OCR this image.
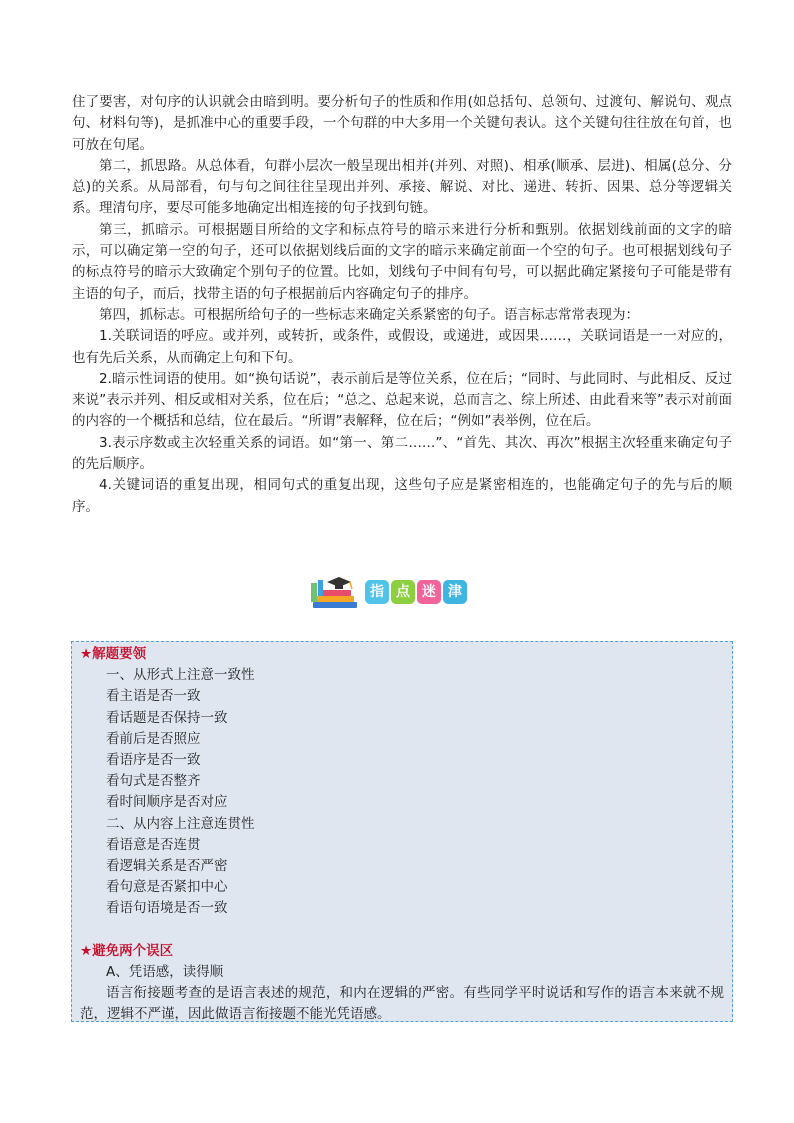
住了要害，对句序的认识就会由暗到明。要分析句子的性质和作用(如总括句、总领句、过渡句、解说句、观点句、材料句等)，是抓准中心的重要手段，一个句群的中大多用一个关键句表认。这个关键句往往放在句首，也可放在句尾。

第二，抓思路。从总体看，句群小层次一般呈现出相并(并列、对照)、相承(顺承、层进)、相属(总分、分总)的关系。从局部看，句与句之间往往呈现出并列、承接、解说、对比、递进、转折、因果、总分等逻辑关系。理清句序，要尽可能多地确定出相连接的句子找到句链。

第三，抓暗示。可根据题目所给的文字和标点符号的暗示来进行分析和甄别。依据划线前面的文字的暗示，可以确定第一空的句子，还可以依据划线后面的文字的暗示来确定前面一个空的句子。也可根据划线句子的标点符号的暗示大致确定个别句子的位置。比如，划线句子中间有句号，可以据此确定紧接句子可能是带有主语的句子，而后，找带主语的句子根据前后内容确定句子的排序。

第四，抓标志。可根据所给句子的一些标志来确定关系紧密的句子。语言标志常常表现为：

1.关联词语的呼应。或并列，或转折，或条件，或假设，或递进，或因果……，关联词语是一一对应的，也有先后关系，从而确定上句和下句。

2.暗示性词语的使用。如“换句话说”，表示前后是等位关系，位在后；“同时、与此同时、与此相反、反过来说”表示并列、相反或相对关系，位在后；“总之、总起来说，总而言之、综上所述、由此看来等”表示对前面的内容的一个概括和总结，位在最后。“所谓”表解释，位在后；“例如”表举例，位在后。

3.表示序数或主次轻重关系的词语。如“第一、第二……”、“首先、其次、再次”根据主次轻重来确定句子的先后顺序。

4.关键词语的重复出现，相同句式的重复出现，这些句子应是紧密相连的，也能确定句子的先与后的顺序。

指 点 迷 津

★解题要领

一、从形式上注意一致性

看主语是否一致

看话题是否保持一致

看前后是否照应

看语序是否一致

看句式是否整齐

看时间顺序是否对应

二、从内容上注意连贯性

看语意是否连贯

看逻辑关系是否严密

看句意是否紧扣中心

看语句语境是否一致

★避免两个误区

A、凭语感，读得顺

语言衔接题考查的是语言表述的规范，和内在逻辑的严密。有些同学平时说话和写作的语言本来就不规范，逻辑不严谨，因此做语言衔接题不能光凭语感。
